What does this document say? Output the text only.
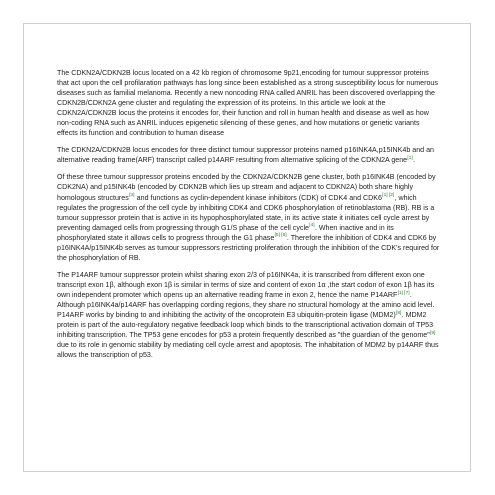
The CDKN2A/CDKN2B locus located on a 42 kb region of chromosome 9p21,encoding for tumour suppressor proteins that act upon the cell profilaration pathways has long since been established as a strong susceptibility locus for numerous diseases such as familial melanoma. Recently a new noncoding RNA called ANRIL has been discovered overlapping the CDKN2B/CDKN2A gene cluster and regulating the expression of its proteins. In this article we look at the CDKN2A/CDKN2B locus the proteins it encodes for, their function and roll in human health and disease as well as how non-coding RNA such as ANRIL induces epigenetic silencing of these genes, and how mutations or genetic variants effects its function and contribution to human disease

The CDKN2A/CDKN2B locus encodes for three distinct tumour suppressor proteins named p16INK4A,p15INK4b and an alternative reading frame(ARF) transcript called p14ARF resulting from alternative splicing of the CDKN2A gene[1].

Of these three tumour suppressor proteins encoded by the CDKN2A/CDKN2B gene cluster, both p16INK4B (encoded by CDK2NA) and p15INK4b (encoded by CDKN2B which lies up stream and adjacent to CDKN2A) both share highly homologous structures[3] and functions as cyclin-dependent kinase inhibitors (CDK) of CDK4 and CDK6[1] [2], which regulates the progression of the cell cycle by inhibiting CDK4 and CDK6 phosphorylation of retinoblastoma (RB). RB is a tumour suppressor protein that is active in its hypophosphorylated state, in its active state it initiates cell cycle arrest by preventing damaged cells from progressing through G1/S phase of the cell cycle[4]. When inactive and in its phosphorylated state it allows cells to progress through the G1 phase[5] [6]. Therefore the inhibition of CDK4 and CDK6 by p16INK4A/p15INK4b serves as tumour suppressors restricting proliferation through the inhibition of the CDK's required for the phosphorylation of RB.

The P14ARF tumour suppressor protein whilst sharing exon 2/3 of p16INK4a, it is transcribed from different exon one transcript exon 1β, although exon 1β is similar in terms of size and content of exon 1α ,the start codon of exon 1β has its own independent promoter which opens up an alternative reading frame in exon 2, hence the name P14ARF[1] [7]. Although p16INK4a/p14ARF has overlapping cording regions, they share no structural homology at the amino acid level. P14ARF works by binding to and inhibiting the activity of the oncoprotein E3 ubiquitin-protein ligase (MDM2)[8]. MDM2 protein is part of the auto-regulatory negative feedback loop which binds to the transcriptional activation domain of TP53 inhibiting transcription. The TP53 gene encodes for p53 a protein frequently described as "the guardian of the genome"[9] due to its role in genomic stability by mediating cell cycle arrest and apoptosis. The inhabitation of MDM2 by p14ARF thus allows the transcription of p53.
